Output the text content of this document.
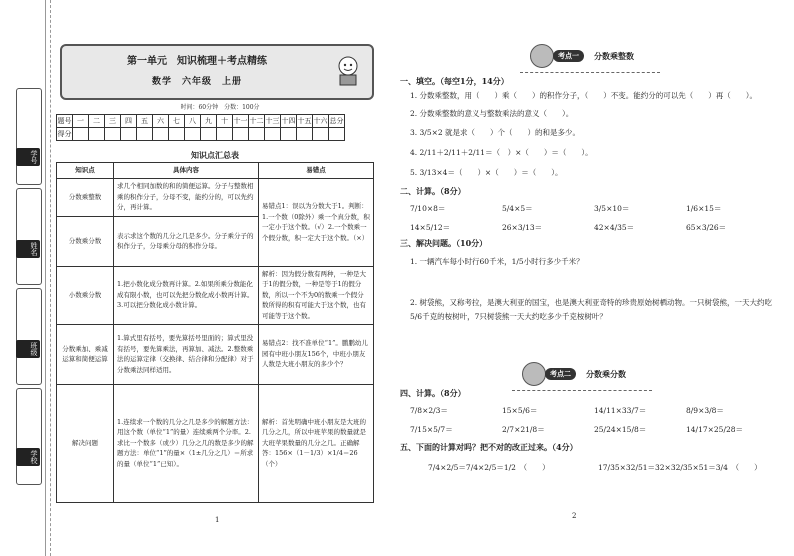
学号
姓名
班级
学校
第一单元　知识梳理＋考点精练
数学　六年级　上册
时间：60分钟　分数：100分
题号	一	二	三	四	五	六	七	八	九	十	十一	十二	十三	十四	十五	十六	总分
得分																	
知识点汇总表
知识点	具体内容	易错点
分数乘整数	求几个相同加数的和的简便运算。分子与整数相乘的积作分子，分母不变，能约分的，可以先约分，再计算。	易错点1：误以为分数大于1。判断：1.一个数（0除外）乘一个真分数，积一定小于这个数。（√）2.一个数乘一个假分数，积一定大于这个数。（×）
分数乘分数	表示求这个数的几分之几是多少。分子乘分子的积作分子，分母乘分母的积作分母。	
小数乘分数	1.把小数化成分数再计算。2.如果所乘分数能化成有限小数，也可以先把分数化成小数再计算。3.可以把分数化成小数计算。	解析：因为假分数有两种，一种是大于1的假分数，一种是等于1的假分数，所以一个不为0的数乘一个假分数所得的积有可能大于这个数，也有可能等于这个数。
分数乘加、乘减运算和简便运算	1.算式里有括号，要先算括号里面的；算式里没有括号，要先算乘法，再算加、减法。2.整数乘法的运算定律（交换律、结合律和分配律）对于分数乘法同样适用。	易错点2：找不准单位“1”。鹏鹏幼儿园有中班小朋友156个，中班小朋友人数是大班小朋友的多少个？
解决问题	1.连续求一个数的几分之几是多少的解题方法：用这个数（单位“1”的量）连续乘两个分率。2.求比一个数多（或少）几分之几的数是多少的解题方法：单位“1”的量×（1±几分之几）＝所求的量（单位“1”已知）。	解析：首先明确中班小朋友是大班的几分之几，所以中班苹果的数量就是大班苹果数量的几分之几。正确解答：156×（1－1/3）×1/4＝26（个）
1
考点一	分数乘整数
一、填空。（每空1分，14分）
1. 分数乘整数，用（　　）乘（　　）的积作分子，（　　）不变。能约分的可以先（　　）再（　　）。
2. 分数乘整数的意义与整数乘法的意义（　　）。
3. 3/5×2 就是求（　　）个（　　）的和是多少。
4. 2/11＋2/11＋2/11＝（　）×（　　）＝（　　）。
5. 3/13×4＝（　　）×（　　）＝（　　）。
二、计算。（8分）
7/10×8＝	5/4×5＝	3/5×10＝	1/6×15＝
14×5/12＝	26×3/13＝	42×4/35＝	65×3/26＝
三、解决问题。（10分）
1. 一辆汽车每小时行60千米，1/5小时行多少千米？
2. 树袋熊，又称考拉，是澳大利亚的国宝，也是澳大利亚奇特的珍贵原始树栖动物。一只树袋熊，一天大约吃5/6千克的桉树叶，7只树袋熊一天大约吃多少千克桉树叶？
考点二	分数乘分数
四、计算。（8分）
7/8×2/3＝	15×5/6＝	14/11×33/7＝	8/9×3/8＝
7/15×5/7＝	2/7×21/8＝	25/24×15/8＝	14/17×25/28＝
五、下面的计算对吗？把不对的改正过来。（4分）
7/4×2/5＝7/4×2/5＝1/2　（　　）	17/35×32/51＝32×32/35×51＝3/4　（　　）
2
